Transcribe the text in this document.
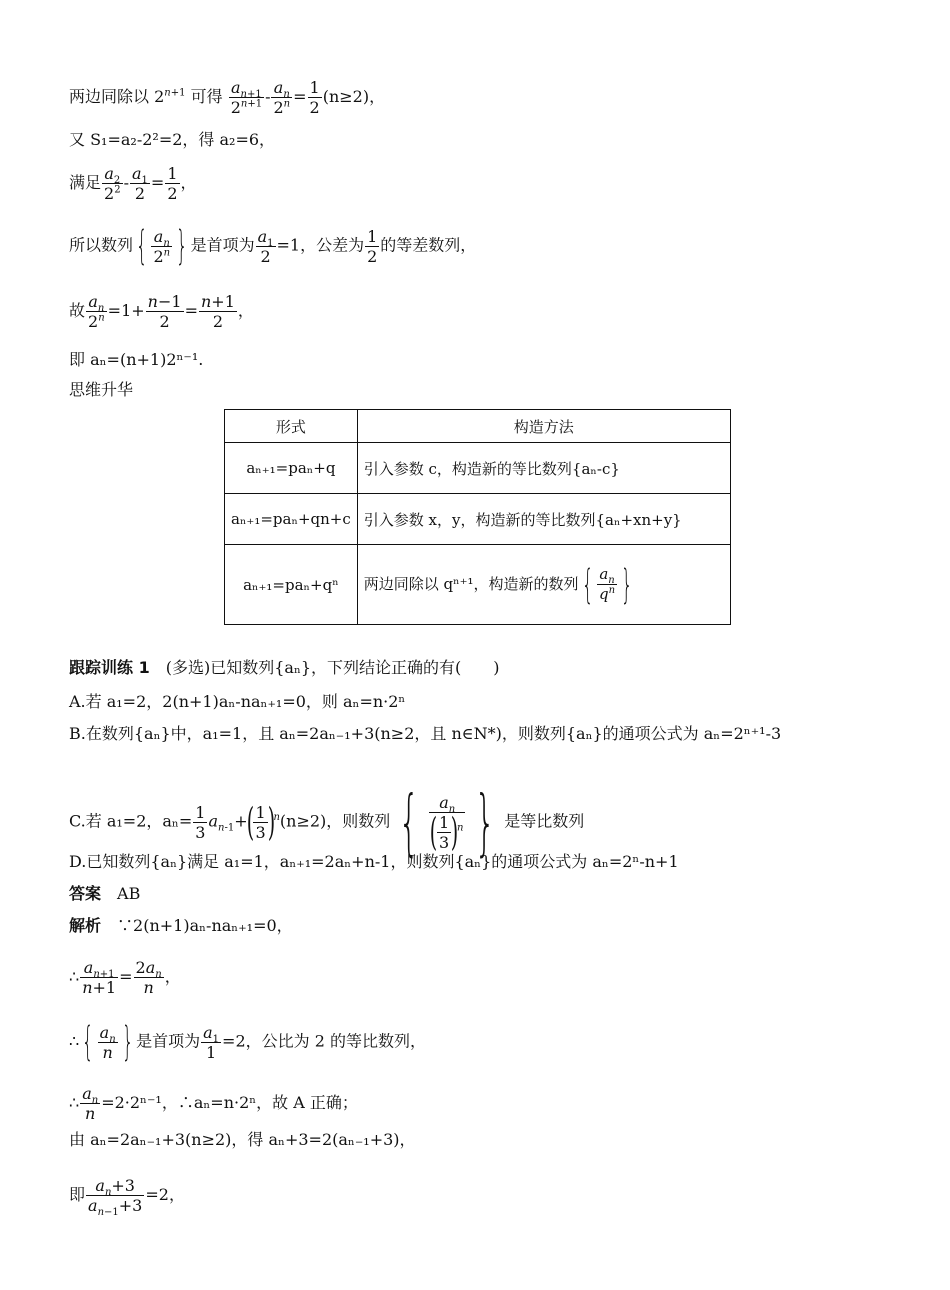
两边同除以 $2^{n+1}$ 可得 $\frac{a_{n+1}}{2^{n+1}} - \frac{a_n}{2^n} = \frac{1}{2} (n\ge 2)$，
又 S₁=a₂-2²=2，得 a₂=6，
满足 $\frac{a_2}{2^2} - \frac{a_1}{2} = \frac{1}{2}$ ，
所以数列{ $\frac{a_n}{2^n}$ } 是首项为 $\frac{a_1}{2} =1$，公差为 $\frac{1}{2}$ 的等差数列，
故 $\frac{a_n}{2^n} =1+ \frac{n-1}{2} = \frac{n+1}{2}$ ，
即 aₙ=(n+1)2ⁿ⁻¹.
思维升华
形式	构造方法
aₙ₊₁=paₙ+q	引入参数 c，构造新的等比数列{aₙ-c}
aₙ₊₁=paₙ+qn+c	引入参数 x，y，构造新的等比数列{aₙ+xn+y}
aₙ₊₁=paₙ+qⁿ	两边同除以 qⁿ⁺¹，构造新的数列{ $\frac{a_n}{q^n}$ }
跟踪训练 1　 (多选)已知数列{aₙ}，下列结论正确的有(　　)
A.若 a₁=2，2(n+1)aₙ-naₙ₊₁=0，则 aₙ=n·2ⁿ
B.在数列{aₙ}中，a₁=1，且 aₙ=2aₙ₋₁+3(n≥2，且 n∈N*)，则数列{aₙ}的通项公式为 aₙ=2ⁿ⁺¹-3
C.若 a₁=2，$a_n= \frac{1}{3} a_{n-1}+( \frac{1}{3} )^n(n\ge 2)$，则数列 { $\frac{a_n}{( \frac{1}{3} )^n}$ } 是等比数列
D.已知数列{aₙ}满足 a₁=1，aₙ₊₁=2aₙ+n-1，则数列{aₙ}的通项公式为 aₙ=2ⁿ-n+1
答案　 AB
解析　 ∵2(n+1)aₙ-naₙ₊₁=0，
∴ $\frac{a_{n+1}}{n+1} = \frac{2a_n}{n}$ ，
∴{ $\frac{a_n}{n}$ } 是首项为 $\frac{a_1}{1} =2$，公比为 2 的等比数列，
∴ $\frac{a_n}{n} =2\cdot 2^{n-1}$，∴aₙ=n·2ⁿ，故 A 正确；
由 aₙ=2aₙ₋₁+3(n≥2)，得 aₙ+3=2(aₙ₋₁+3)，
即 $\frac{a_n+3}{a_{n-1}+3} =2$，
